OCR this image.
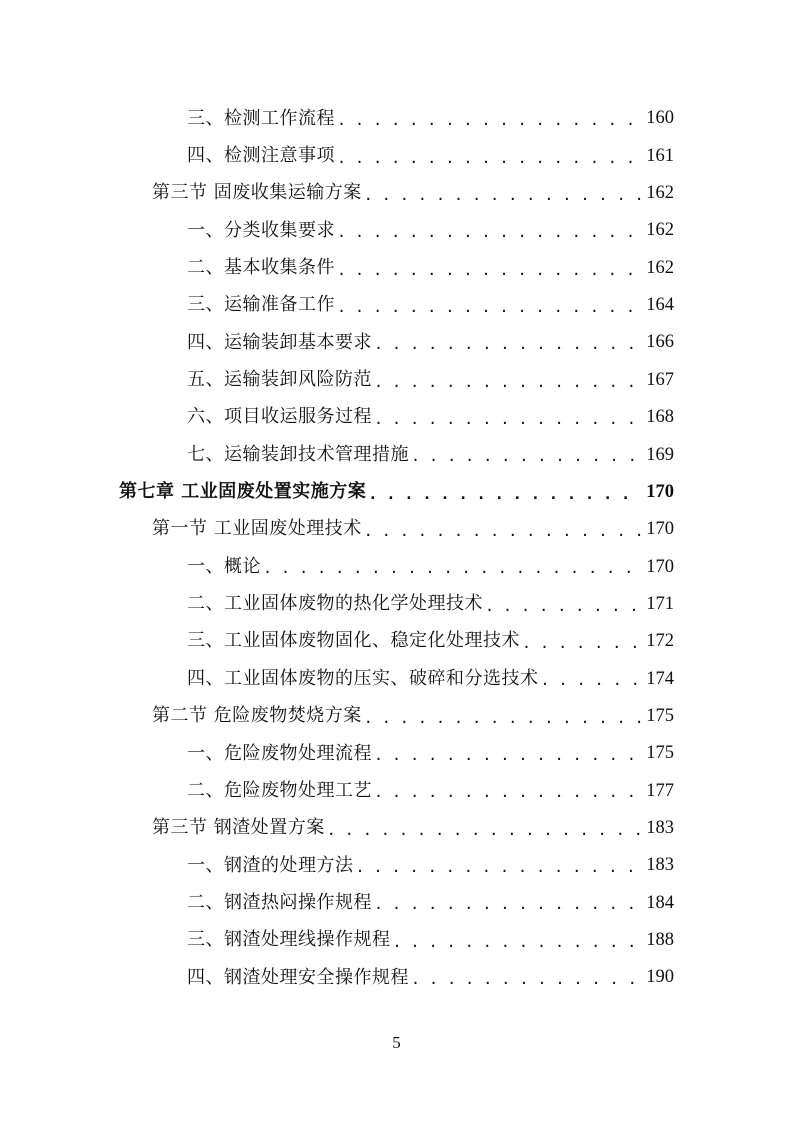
三、检测工作流程 . . .	160
四、检测注意事项 . . .	161
第三节 固废收集运输方案 . . .	162
一、分类收集要求 . . .	162
二、基本收集条件 . . .	162
三、运输准备工作 . . .	164
四、运输装卸基本要求 . . .	166
五、运输装卸风险防范 . . .	167
六、项目收运服务过程 . . .	168
七、运输装卸技术管理措施 . . .	169
第七章 工业固废处置实施方案 . . .	170
第一节 工业固废处理技术 . . .	170
一、概论 . . .	170
二、工业固体废物的热化学处理技术 . . .	171
三、工业固体废物固化、稳定化处理技术 . . .	172
四、工业固体废物的压实、破碎和分选技术 . . .	174
第二节 危险废物焚烧方案 . . .	175
一、危险废物处理流程 . . .	175
二、危险废物处理工艺 . . .	177
第三节 钢渣处置方案 . . .	183
一、钢渣的处理方法 . . .	183
二、钢渣热闷操作规程 . . .	184
三、钢渣处理线操作规程 . . .	188
四、钢渣处理安全操作规程 . . .	190
5
